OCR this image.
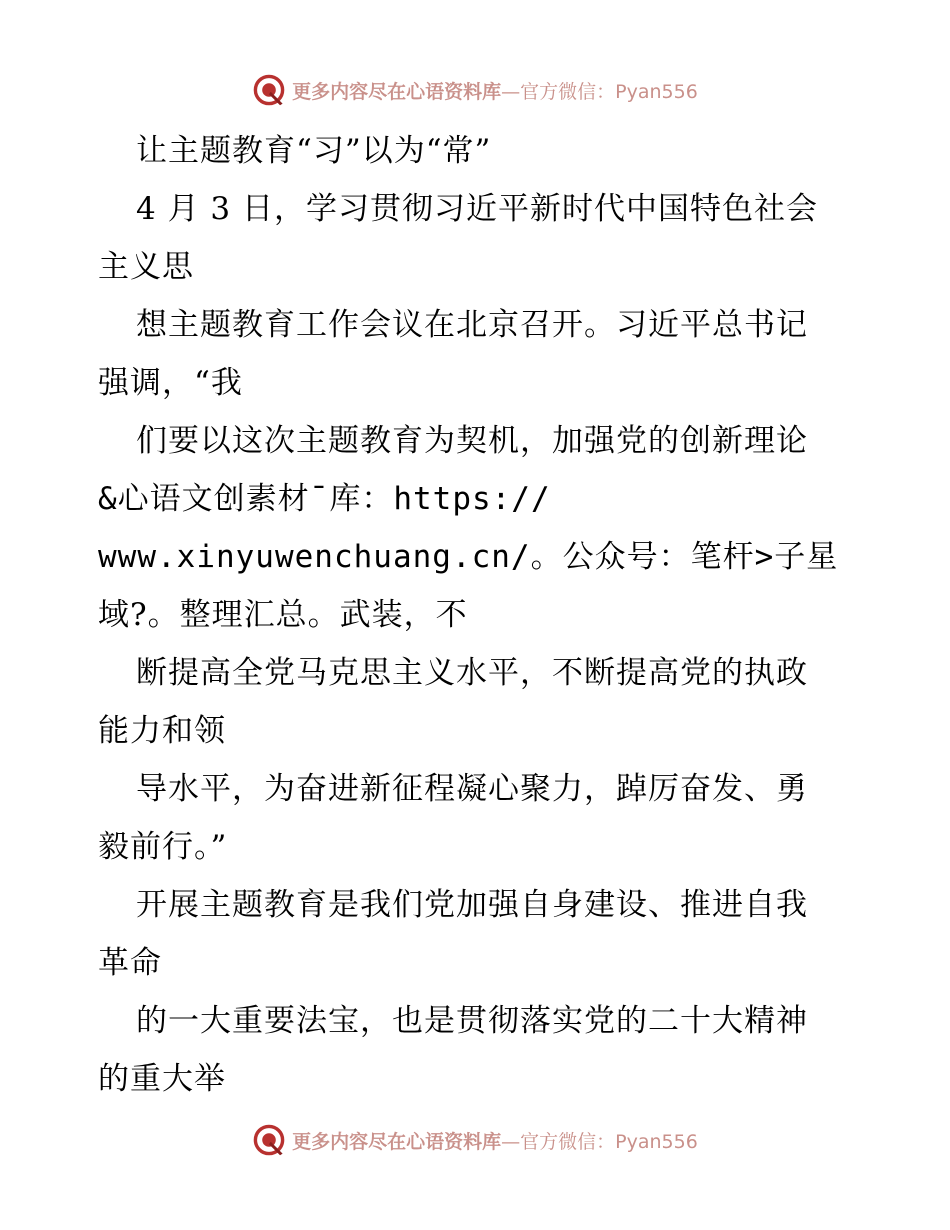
更多内容尽在心语资料库—官方微信：Pyan556
让主题教育“习”以为“常”
4 月 3 日，学习贯彻习近平新时代中国特色社会
主义思
想主题教育工作会议在北京召开。习近平总书记
强调，“我
们要以这次主题教育为契机，加强党的创新理论
&心语文创素材¯库：https://
www.xinyuwenchuang.cn/。公众号：笔杆>子星
域?。整理汇总。武装，不
断提高全党马克思主义水平，不断提高党的执政
能力和领
导水平，为奋进新征程凝心聚力，踔厉奋发、勇
毅前行。”
开展主题教育是我们党加强自身建设、推进自我
革命
的一大重要法宝，也是贯彻落实党的二十大精神
的重大举
更多内容尽在心语资料库—官方微信：Pyan556
